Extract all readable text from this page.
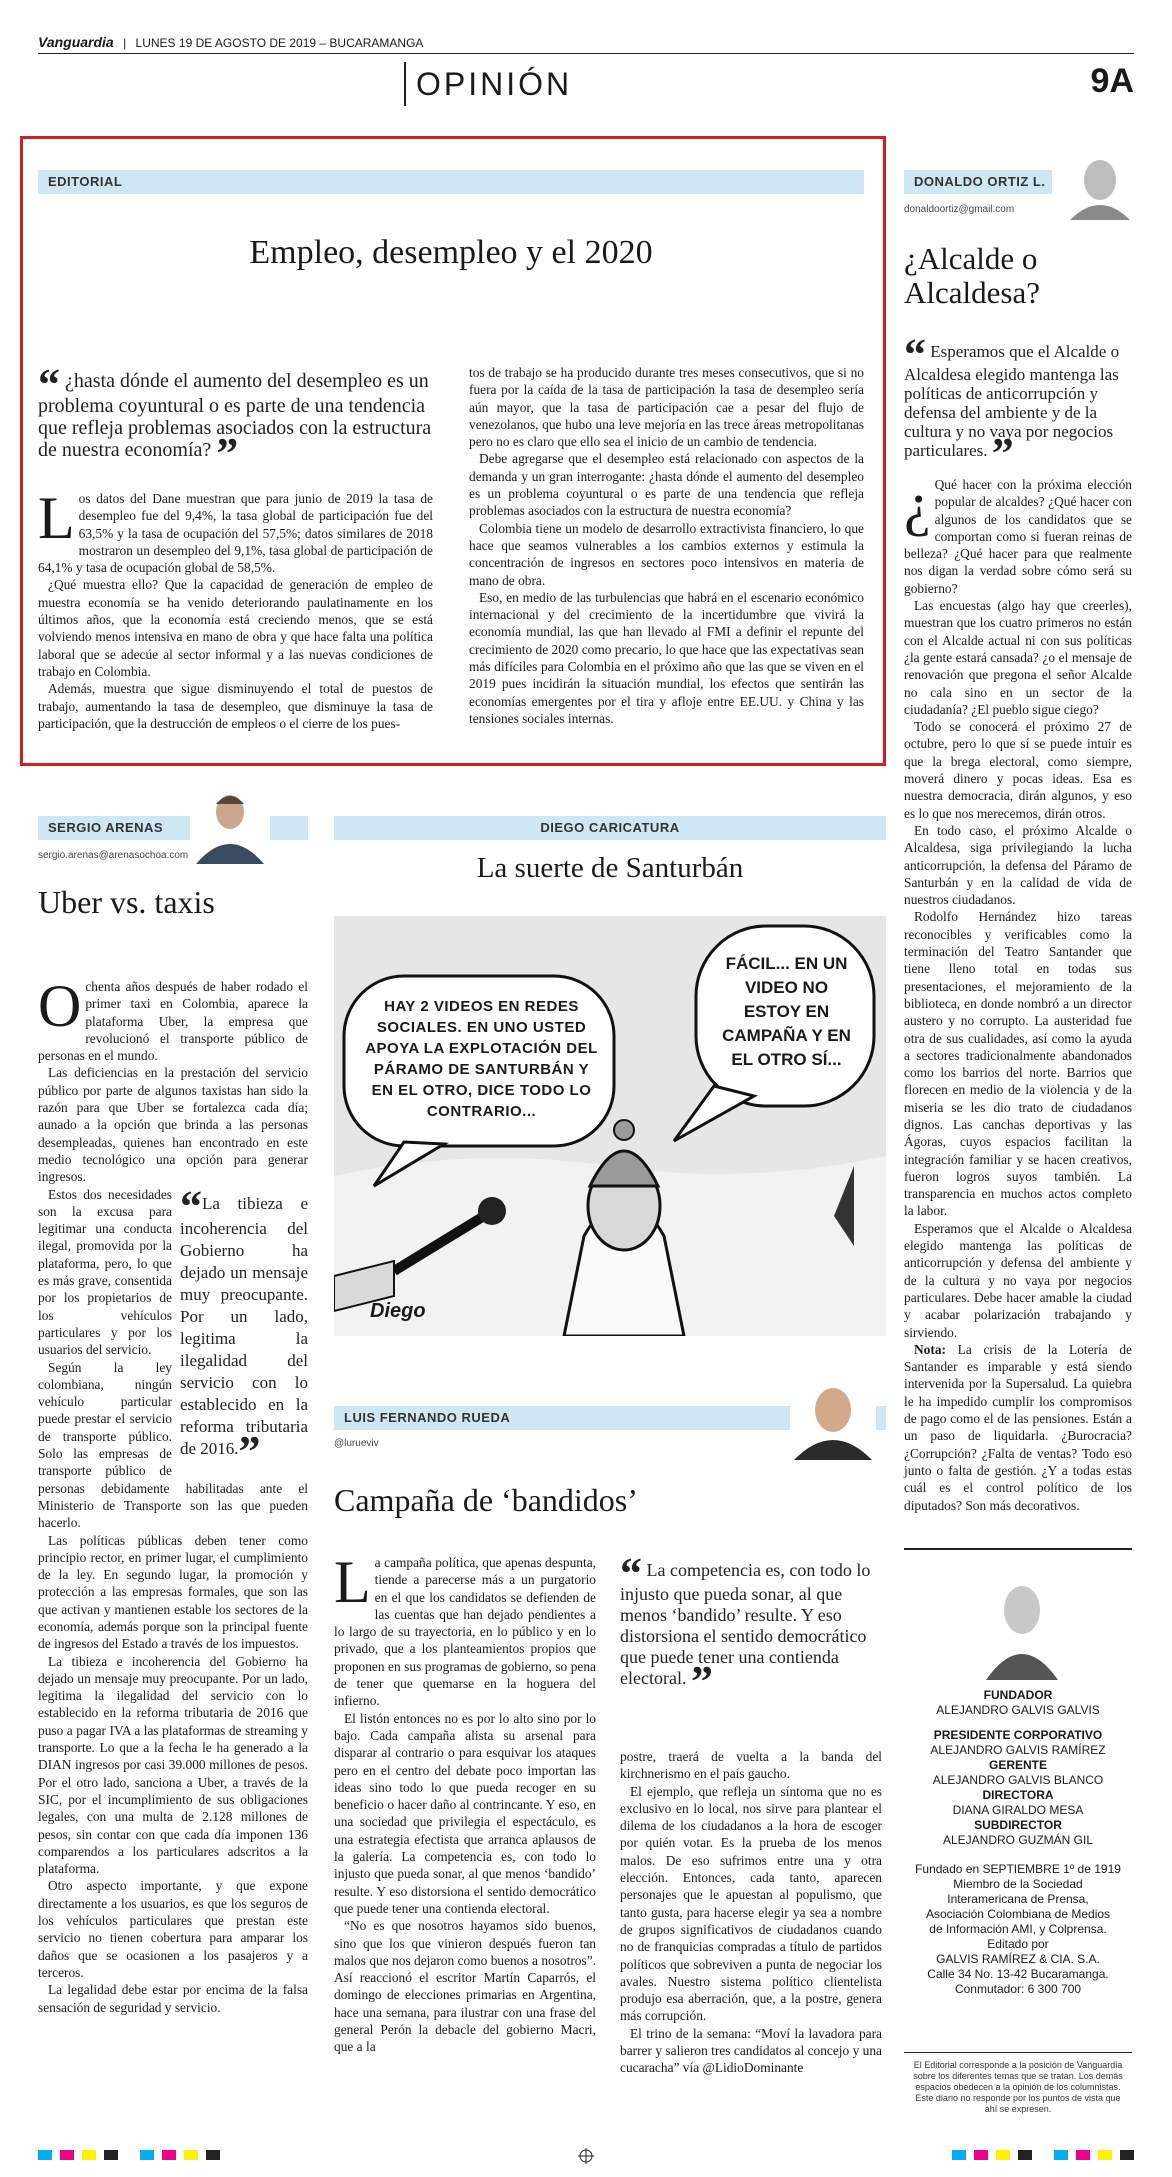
Vanguardia | LUNES 19 DE AGOSTO DE 2019 – BUCARAMANGA
OPINIÓN	9A
EDITORIAL
Empleo, desempleo y el 2020
“ ¿hasta dónde el aumento del desempleo es un problema coyuntural o es parte de una tendencia que refleja problemas asociados con la estructura de nuestra economía? ”

Los datos del Dane muestran que para junio de 2019 la tasa de desempleo fue del 9,4%, la tasa global de participación fue del 63,5% y la tasa de ocupación del 57,5%; datos similares de 2018 mostraron un desempleo del 9,1%, tasa global de participación de 64,1% y tasa de ocupación global de 58,5%.

¿Qué muestra ello? Que la capacidad de generación de empleo de muestra economía se ha venido deteriorando paulatinamente en los últimos años, que la economía está creciendo menos, que se está volviendo menos intensiva en mano de obra y que hace falta una política laboral que se adecúe al sector informal y a las nuevas condiciones de trabajo en Colombia.

Además, muestra que sigue disminuyendo el total de puestos de trabajo, aumentando la tasa de desempleo, que disminuye la tasa de participación, que la destrucción de empleos o el cierre de los pues-

tos de trabajo se ha producido durante tres meses consecutivos, que si no fuera por la caída de la tasa de participación la tasa de desempleo sería aún mayor, que la tasa de participación cae a pesar del flujo de venezolanos, que hubo una leve mejoría en las trece áreas metropolitanas pero no es claro que ello sea el inicio de un cambio de tendencia.

Debe agregarse que el desempleo está relacionado con aspectos de la demanda y un gran interrogante: ¿hasta dónde el aumento del desempleo es un problema coyuntural o es parte de una tendencia que refleja problemas asociados con la estructura de nuestra economía?

Colombia tiene un modelo de desarrollo extractivista financiero, lo que hace que seamos vulnerables a los cambios externos y estimula la concentración de ingresos en sectores poco intensivos en materia de mano de obra.

Eso, en medio de las turbulencias que habrá en el escenario económico internacional y del crecimiento de la incertidumbre que vivirá la economía mundial, las que han llevado al FMI a definir el repunte del crecimiento de 2020 como precario, lo que hace que las expectativas sean más difíciles para Colombia en el próximo año que las que se viven en el 2019 pues incidirán la situación mundial, los efectos que sentirán las economías emergentes por el tira y afloje entre EE.UU. y China y las tensiones sociales internas.

DONALDO ORTIZ L.
donaldoortiz@gmail.com
¿Alcalde o Alcaldesa?
“ Esperamos que el Alcalde o Alcaldesa elegido mantenga las políticas de anticorrupción y defensa del ambiente y de la cultura y no vaya por negocios particulares. ”

¿ Qué hacer con la próxima elección popular de alcaldes? ¿Qué hacer con algunos de los candidatos que se comportan como si fueran reinas de belleza? ¿Qué hacer para que realmente nos digan la verdad sobre cómo será su gobierno?

Las encuestas (algo hay que creerles), muestran que los cuatro primeros no están con el Alcalde actual ni con sus políticas ¿la gente estará cansada? ¿o el mensaje de renovación que pregona el señor Alcalde no cala sino en un sector de la ciudadanía? ¿El pueblo sigue ciego?

Todo se conocerá el próximo 27 de octubre, pero lo que sí se puede intuir es que la brega electoral, como siempre, moverá dinero y pocas ideas. Esa es nuestra democracia, dirán algunos, y eso es lo que nos merecemos, dirán otros.

En todo caso, el próximo Alcalde o Alcaldesa, siga privilegiando la lucha anticorrupción, la defensa del Páramo de Santurbán y en la calidad de vida de nuestros ciudadanos.

Rodolfo Hernández hizo tareas reconocibles y verificables como la terminación del Teatro Santander que tiene lleno total en todas sus presentaciones, el mejoramiento de la biblioteca, en donde nombró a un director austero y no corrupto. La austeridad fue otra de sus cualidades, así como la ayuda a sectores tradicionalmente abandonados como los barrios del norte. Barrios que florecen en medio de la violencia y de la miseria se les dio trato de ciudadanos dignos. Las canchas deportivas y las Ágoras, cuyos espacios facilitan la integración familiar y se hacen creativos, fueron logros suyos también. La transparencia en muchos actos completo la labor.

Esperamos que el Alcalde o Alcaldesa elegido mantenga las políticas de anticorrupción y defensa del ambiente y de la cultura y no vaya por negocios particulares. Debe hacer amable la ciudad y acabar polarización trabajando y sirviendo.

Nota: La crisis de la Lotería de Santander es imparable y está siendo intervenida por la Supersalud. La quiebra le ha impedido cumplir los compromisos de pago como el de las pensiones. Están a un paso de liquidarla. ¿Burocracia? ¿Corrupción? ¿Falta de ventas? Todo eso junto o falta de gestión. ¿Y a todas estas cuál es el control político de los diputados? Son más decorativos.

FUNDADOR
ALEJANDRO GALVIS GALVIS
PRESIDENTE CORPORATIVO
ALEJANDRO GALVIS RAMÍREZ
GERENTE
ALEJANDRO GALVIS BLANCO
DIRECTORA
DIANA GIRALDO MESA
SUBDIRECTOR
ALEJANDRO GUZMÁN GIL
Fundado en SEPTIEMBRE 1º de 1919
Miembro de la Sociedad
Interamericana de Prensa,
Asociación Colombiana de Medios
de Información AMI, y Colprensa.
Editado por
GALVIS RAMÍREZ & CIA. S.A.
Calle 34 No. 13-42 Bucaramanga.
Conmutador: 6 300 700
El Editorial corresponde a la posición de Vanguardia sobre los diferentes temas que se tratan. Los demás espacios obedecen a la opinión de los columnistas. Este diario no responde por los puntos de vista que ahí se expresen.
SERGIO ARENAS
sergio.arenas@arenasochoa.com
Uber vs. taxis

Ochenta años después de haber rodado el primer taxi en Colombia, aparece la plataforma Uber, la empresa que revolucionó el transporte público de personas en el mundo.

Las deficiencias en la prestación del servicio público por parte de algunos taxistas han sido la razón para que Uber se fortalezca cada día; aunado a la opción que brinda a las personas desempleadas, quienes han encontrado en este medio tecnológico una opción para generar ingresos.

“La tibieza e incoherencia del Gobierno ha dejado un mensaje muy preocupante. Por un lado, legitima la ilegalidad del servicio con lo establecido en la reforma tributaria de 2016.”

Estos dos necesidades son la excusa para legitimar una conducta ilegal, promovida por la plataforma, pero, lo que es más grave, consentida por los propietarios de los vehículos particulares y por los usuarios del servicio.

Según la ley colombiana, ningún vehículo particular puede prestar el servicio de transporte público. Solo las empresas de transporte público de personas debidamente habilitadas ante el Ministerio de Transporte son las que pueden hacerlo.

Las políticas públicas deben tener como principio rector, en primer lugar, el cumplimiento de la ley. En segundo lugar, la promoción y protección a las empresas formales, que son las que activan y mantienen estable los sectores de la economía, además porque son la principal fuente de ingresos del Estado a través de los impuestos.

La tibieza e incoherencia del Gobierno ha dejado un mensaje muy preocupante. Por un lado, legitima la ilegalidad del servicio con lo establecido en la reforma tributaria de 2016 que puso a pagar IVA a las plataformas de streaming y transporte. Lo que a la fecha le ha generado a la DIAN ingresos por casi 39.000 millones de pesos. Por el otro lado, sanciona a Uber, a través de la SIC, por el incumplimiento de sus obligaciones legales, con una multa de 2.128 millones de pesos, sin contar con que cada día imponen 136 comparendos a los particulares adscritos a la plataforma.

Otro aspecto importante, y que expone directamente a los usuarios, es que los seguros de los vehículos particulares que prestan este servicio no tienen cobertura para amparar los daños que se ocasionen a los pasajeros y a terceros.

La legalidad debe estar por encima de la falsa sensación de seguridad y servicio.

DIEGO CARICATURA
La suerte de Santurbán
HAY 2 VIDEOS EN REDES SOCIALES. EN UNO USTED APOYA LA EXPLOTACIÓN DEL PÁRAMO DE SANTURBÁN Y EN EL OTRO, DICE TODO LO CONTRARIO...
FÁCIL... EN UN VIDEO NO ESTOY EN CAMPAÑA Y EN EL OTRO SÍ...
Diego
LUIS FERNANDO RUEDA
@lurueviv
Campaña de ‘bandidos’

La campaña política, que apenas despunta, tiende a parecerse más a un purgatorio en el que los candidatos se defienden de las cuentas que han dejado pendientes a lo largo de su trayectoria, en lo público y en lo privado, que a los planteamientos propios que proponen en sus programas de gobierno, so pena de tener que quemarse en la hoguera del infierno.

El listón entonces no es por lo alto sino por lo bajo. Cada campaña alista su arsenal para disparar al contrario o para esquivar los ataques pero en el centro del debate poco importan las ideas sino todo lo que pueda recoger en su beneficio o hacer daño al contrincante. Y eso, en una sociedad que privilegia el espectáculo, es una estrategia efectista que arranca aplausos de la galería. La competencia es, con todo lo injusto que pueda sonar, al que menos ‘bandido’ resulte. Y eso distorsiona el sentido democrático que puede tener una contienda electoral.

“No es que nosotros hayamos sido buenos, sino que los que vinieron después fueron tan malos que nos dejaron como buenos a nosotros”. Así reaccionó el escritor Martín Caparrós, el domingo de elecciones primarias en Argentina, hace una semana, para ilustrar con una frase del general Perón la debacle del gobierno Macri, que a la

“ La competencia es, con todo lo injusto que pueda sonar, al que menos ‘bandido’ resulte. Y eso distorsiona el sentido democrático que puede tener una contienda electoral. ”

postre, traerá de vuelta a la banda del kirchnerismo en el país gaucho.

El ejemplo, que refleja un síntoma que no es exclusivo en lo local, nos sirve para plantear el dilema de los ciudadanos a la hora de escoger por quién votar. Es la prueba de los menos malos. De eso sufrimos entre una y otra elección. Entonces, cada tanto, aparecen personajes que le apuestan al populismo, que tanto gusta, para hacerse elegir ya sea a nombre de grupos significativos de ciudadanos cuando no de franquicias compradas a título de partidos políticos que sobreviven a punta de negociar los avales. Nuestro sistema político clientelista produjo esa aberración, que, a la postre, genera más corrupción.

El trino de la semana: “Moví la lavadora para barrer y salieron tres candidatos al concejo y una cucaracha” vía @LidioDominante
